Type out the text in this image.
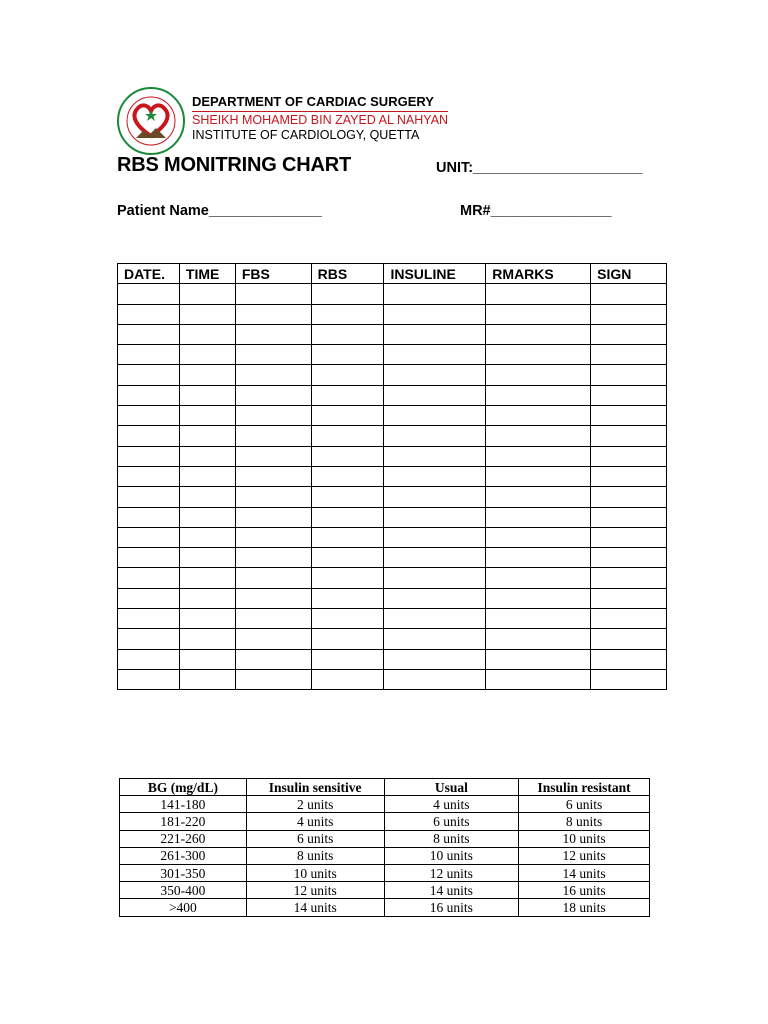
DEPARTMENT OF CARDIAC SURGERY
SHEIKH MOHAMED BIN ZAYED AL NAHYAN
INSTITUTE OF CARDIOLOGY, QUETTA
RBS MONITRING CHART	UNIT:_____________________
Patient Name______________	MR#_______________
DATE.	TIME	FBS	RBS	INSULINE	RMARKS	SIGN

BG (mg/dL)	Insulin sensitive	Usual	Insulin resistant
141-180	2 units	4 units	6 units
181-220	4 units	6 units	8 units
221-260	6 units	8 units	10 units
261-300	8 units	10 units	12 units
301-350	10 units	12 units	14 units
350-400	12 units	14 units	16 units
>400	14 units	16 units	18 units
